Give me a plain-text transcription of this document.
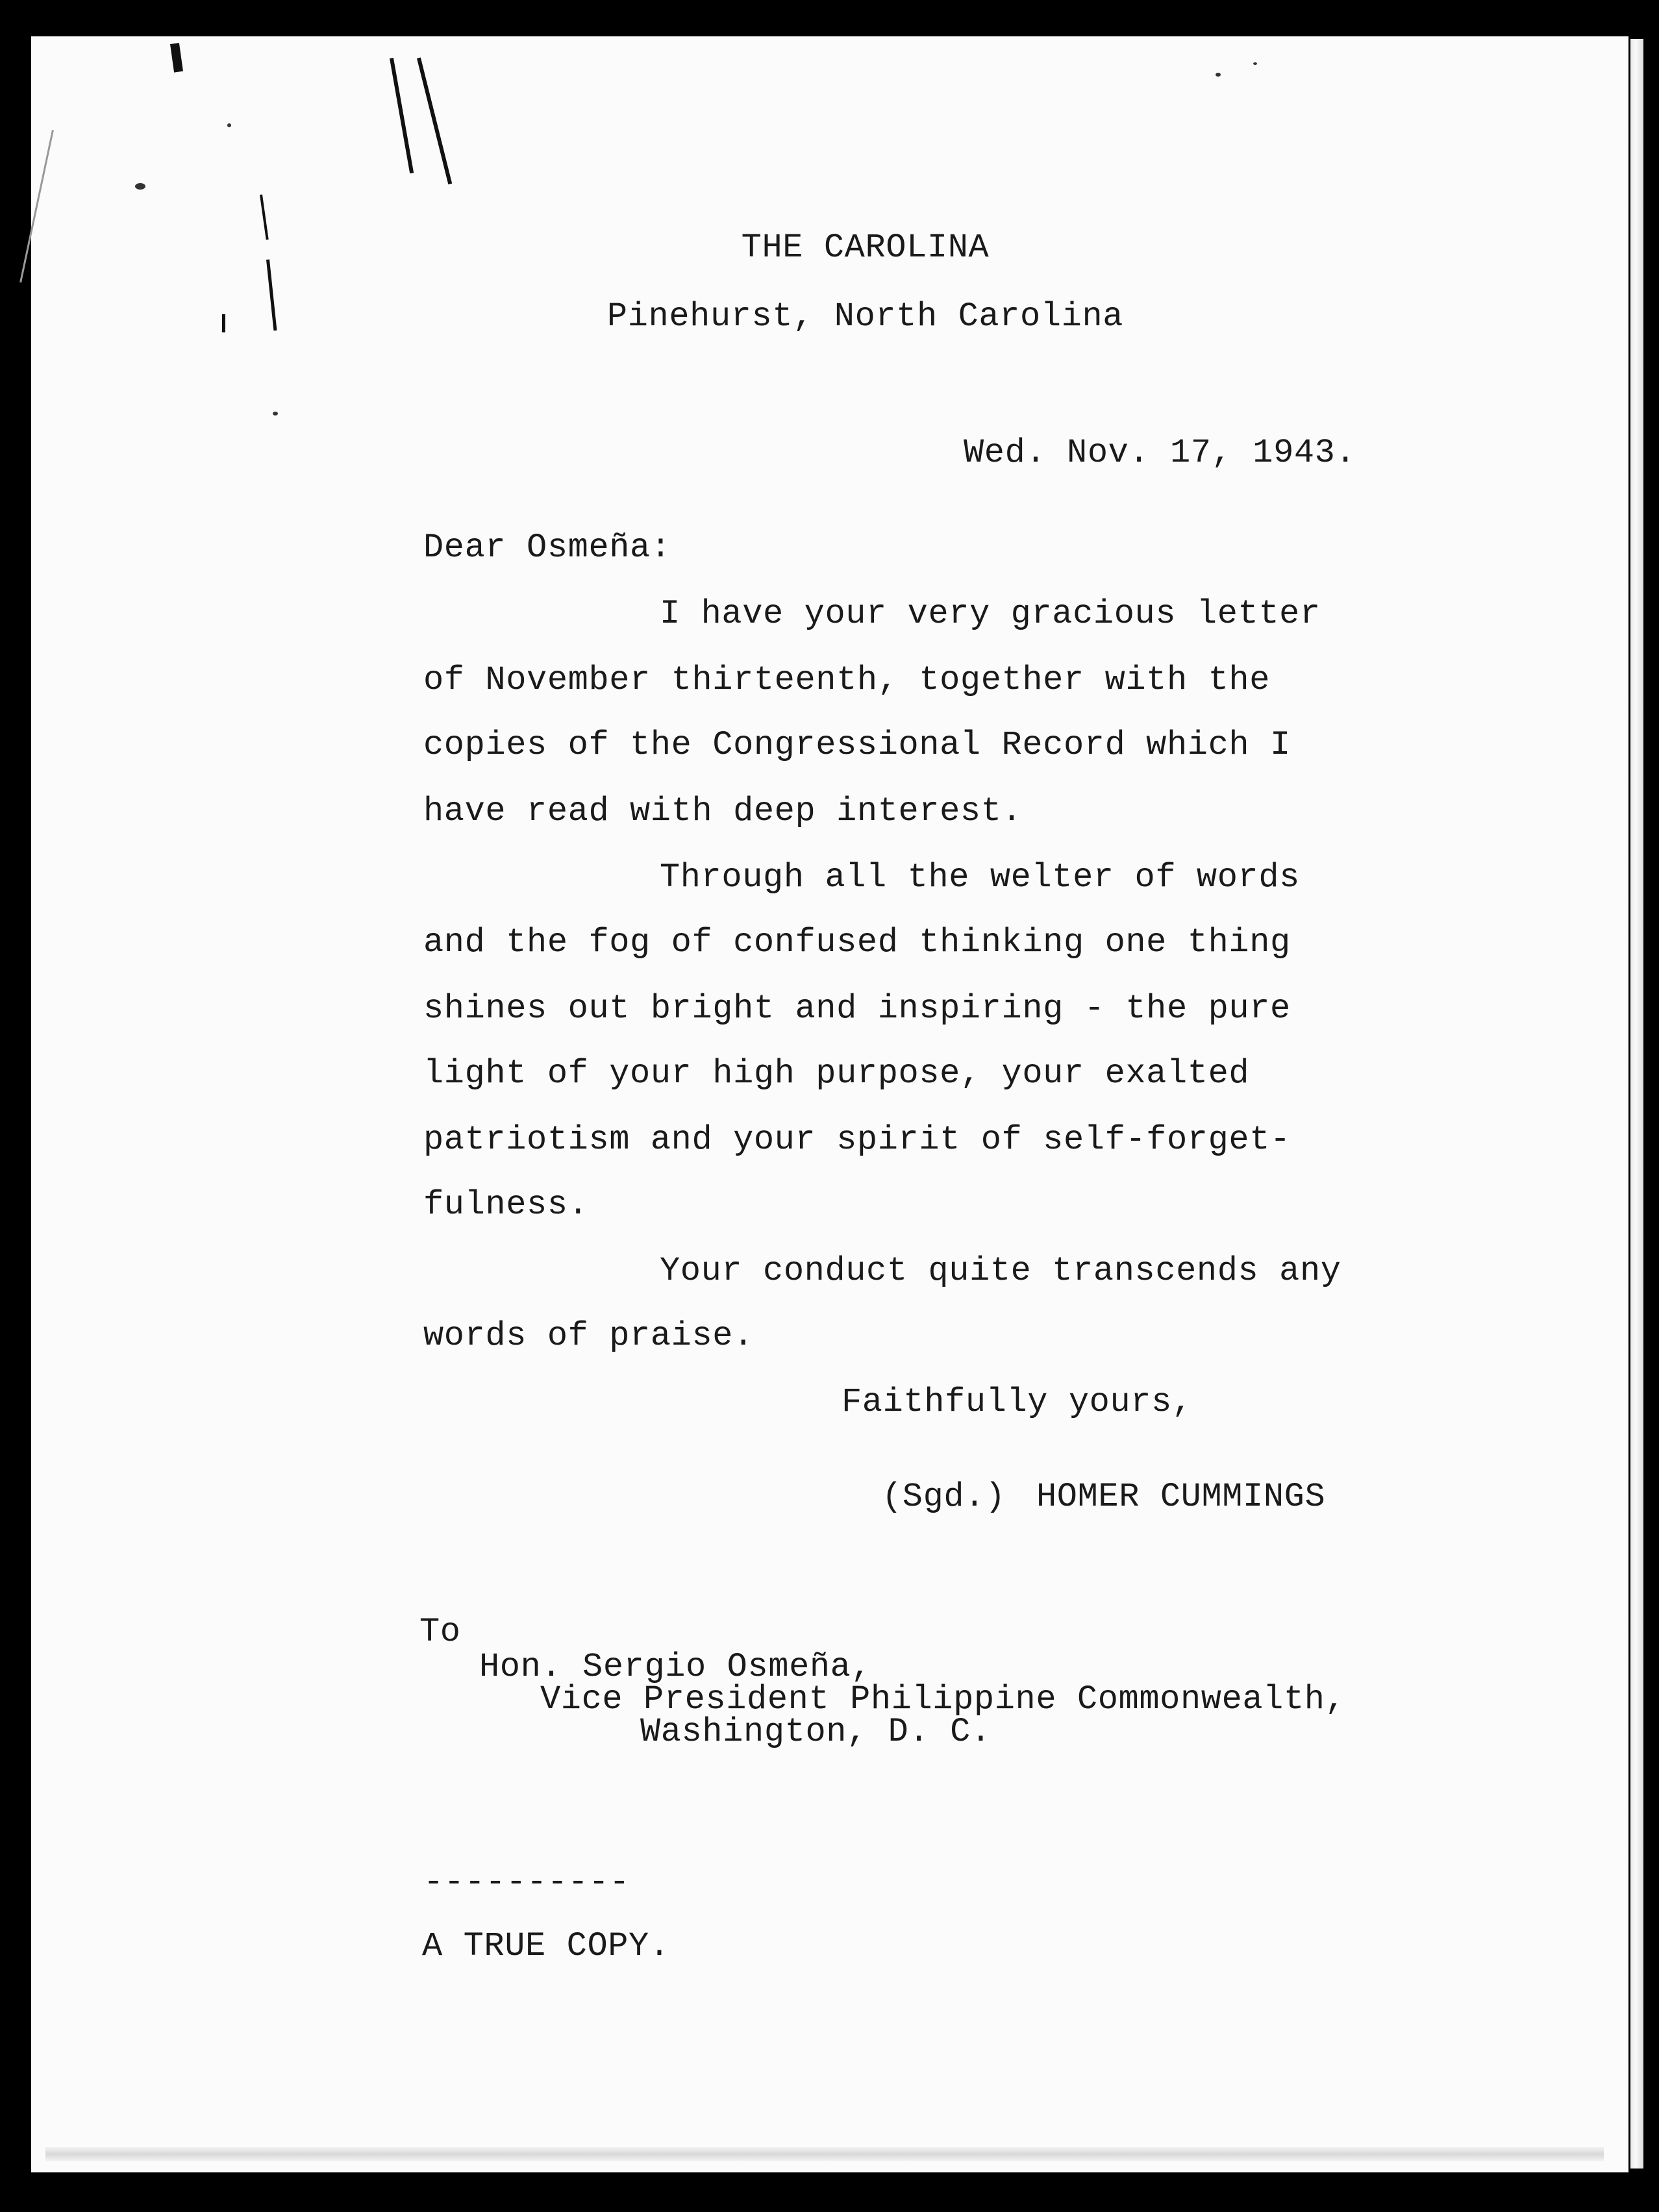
THE CAROLINA
Pinehurst, North Carolina
Wed. Nov. 17, 1943.
Dear Osmeña:
I have your very gracious letter
of November thirteenth, together with the
copies of the Congressional Record which I
have read with deep interest.
Through all the welter of words
and the fog of confused thinking one thing
shines out bright and inspiring - the pure
light of your high purpose, your exalted
patriotism and your spirit of self-forget-
fulness.
Your conduct quite transcends any
words of praise.
Faithfully yours,
(Sgd.) HOMER CUMMINGS
To
Hon. Sergio Osmeña,
Vice President Philippine Commonwealth,
Washington, D. C.
----------
A TRUE COPY.
